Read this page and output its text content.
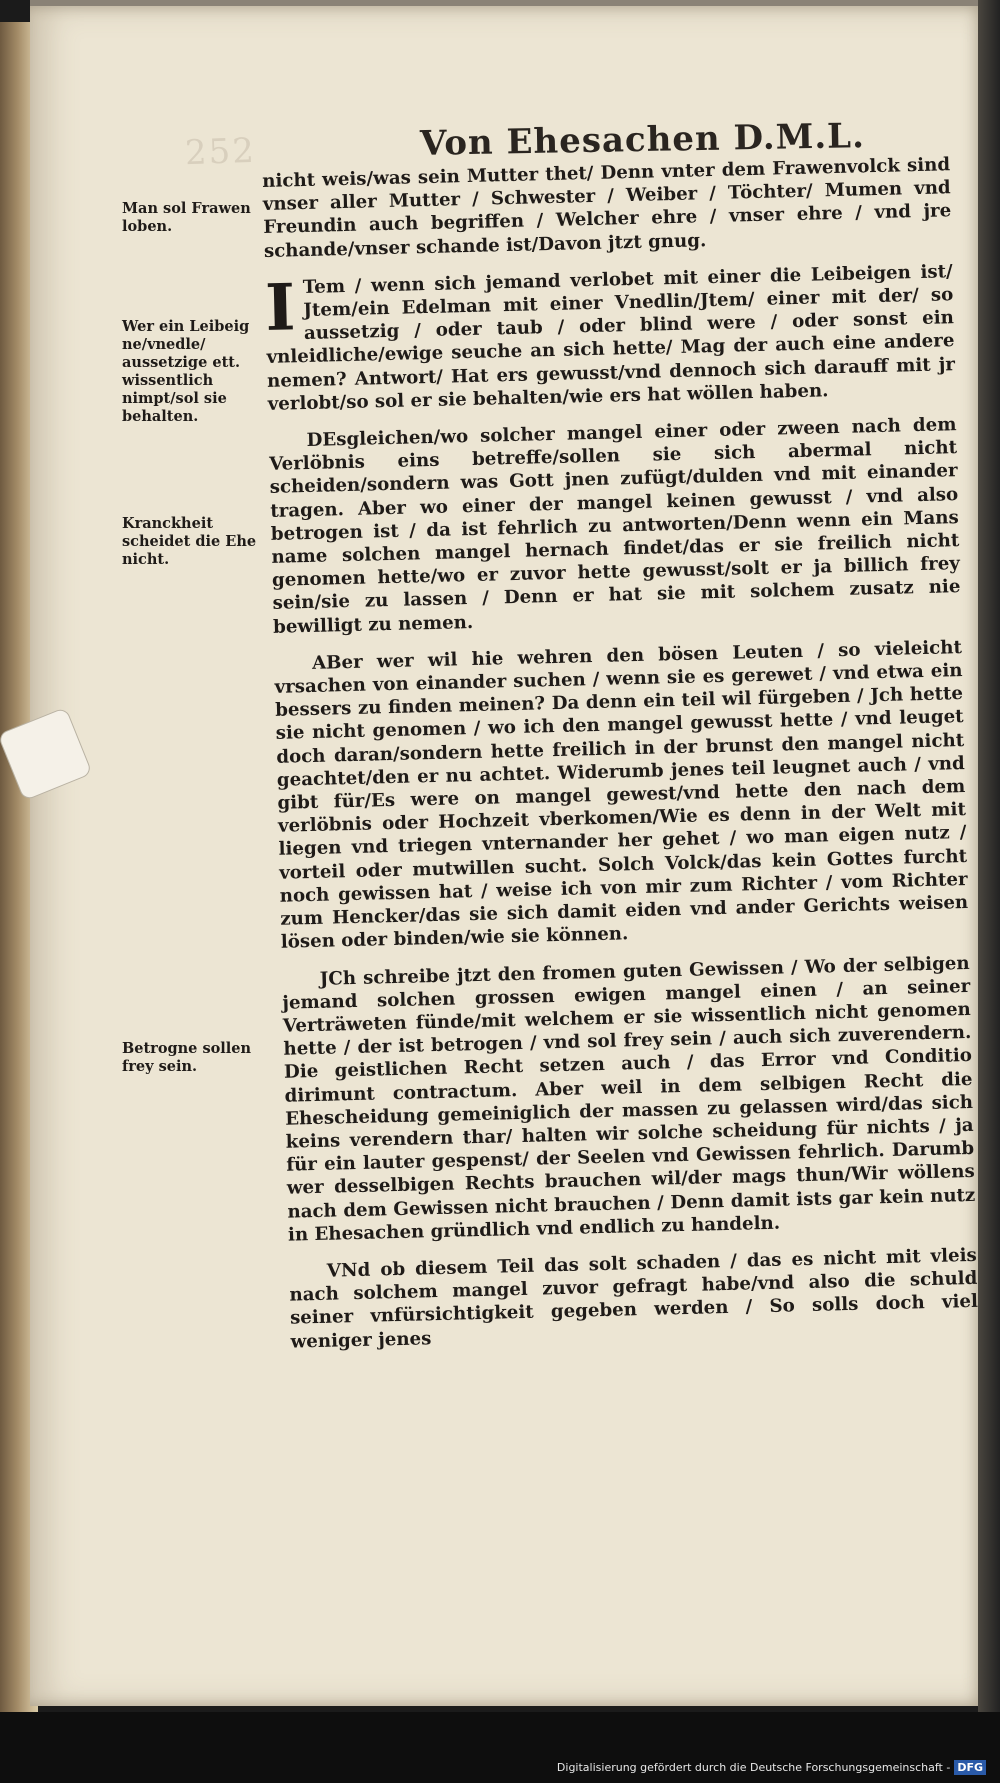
252	Von Ehesachen D.M.L.
Man sol Frawen loben.
Wer ein Leibeig ne/vnedle/ aussetzige ett. wissentlich nimpt/sol sie behalten.
Kranckheit scheidet die Ehe nicht.
Betrogne sollen frey sein.

nicht weis/was sein Mutter thet/ Denn vnter dem Frawenvolck sind vnser aller Mutter / Schwester / Weiber / Töchter/ Mumen vnd Freundin auch begriffen / Welcher ehre / vnser ehre / vnd jre schande/vnser schande ist/Davon jtzt gnug.

I Tem / wenn sich jemand verlobet mit einer die Leibeigen ist/ Jtem/ein Edelman mit einer Vnedlin/Jtem/ einer mit der/ so aussetzig / oder taub / oder blind were / oder sonst ein vnleidliche/ewige seuche an sich hette/ Mag der auch eine andere nemen? Antwort/ Hat ers gewusst/vnd dennoch sich darauff mit jr verlobt/so sol er sie behalten/wie ers hat wöllen haben.

DEsgleichen/wo solcher mangel einer oder zween nach dem Verlöbnis eins betreffe/sollen sie sich abermal nicht scheiden/sondern was Gott jnen zufügt/dulden vnd mit einander tragen. Aber wo einer der mangel keinen gewusst / vnd also betrogen ist / da ist fehrlich zu antworten/Denn wenn ein Mans name solchen mangel hernach findet/das er sie freilich nicht genomen hette/wo er zuvor hette gewusst/solt er ja billich frey sein/sie zu lassen / Denn er hat sie mit solchem zusatz nie bewilligt zu nemen.

ABer wer wil hie wehren den bösen Leuten / so vieleicht vrsachen von einander suchen / wenn sie es gerewet / vnd etwa ein bessers zu finden meinen? Da denn ein teil wil fürgeben / Jch hette sie nicht genomen / wo ich den mangel gewusst hette / vnd leuget doch daran/sondern hette freilich in der brunst den mangel nicht geachtet/den er nu achtet. Widerumb jenes teil leugnet auch / vnd gibt für/Es were on mangel gewest/vnd hette den nach dem verlöbnis oder Hochzeit vberkomen/Wie es denn in der Welt mit liegen vnd triegen vnternander her gehet / wo man eigen nutz / vorteil oder mutwillen sucht. Solch Volck/das kein Gottes furcht noch gewissen hat / weise ich von mir zum Richter / vom Richter zum Hencker/das sie sich damit eiden vnd ander Gerichts weisen lösen oder binden/wie sie können.

JCh schreibe jtzt den fromen guten Gewissen / Wo der selbigen jemand solchen grossen ewigen mangel einen / an seiner Verträweten fünde/mit welchem er sie wissentlich nicht genomen hette / der ist betrogen / vnd sol frey sein / auch sich zuverendern. Die geistlichen Recht setzen auch / das Error vnd Conditio dirimunt contractum. Aber weil in dem selbigen Recht die Ehescheidung gemeiniglich der massen zu gelassen wird/das sich keins verendern thar/ halten wir solche scheidung für nichts / ja für ein lauter gespenst/ der Seelen vnd Gewissen fehrlich. Darumb wer desselbigen Rechts brauchen wil/der mags thun/Wir wöllens nach dem Gewissen nicht brauchen / Denn damit ists gar kein nutz in Ehesachen gründlich vnd endlich zu handeln.

VNd ob diesem Teil das solt schaden / das es nicht mit vleis nach solchem mangel zuvor gefragt habe/vnd also die schuld seiner vnfürsichtigkeit gegeben werden / So solls doch viel weniger jenes

Digitalisierung gefördert durch die Deutsche Forschungsgemeinschaft - DFG
